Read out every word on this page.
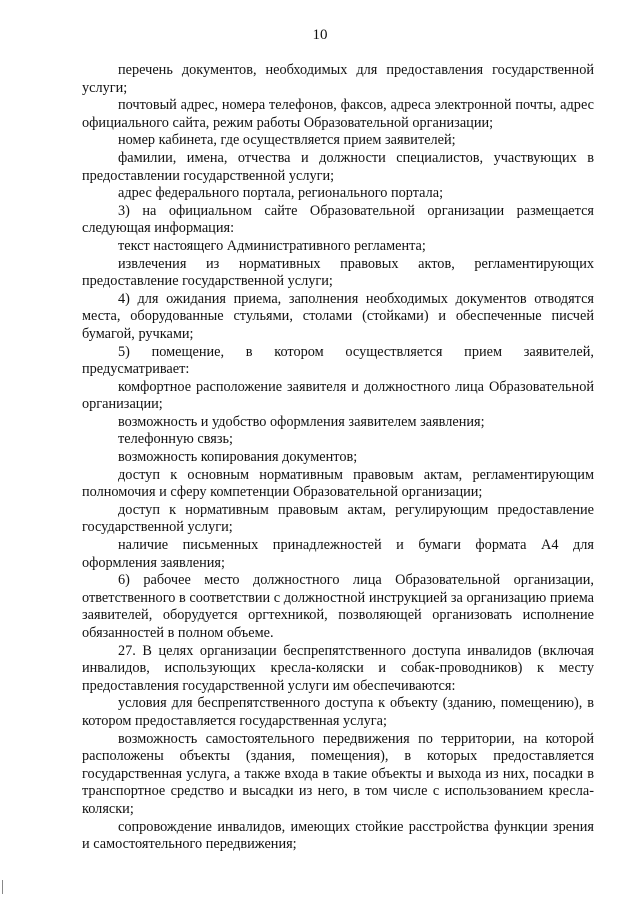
10

перечень документов, необходимых для предоставления государственной услуги;

почтовый адрес, номера телефонов, факсов, адреса электронной почты, адрес официального сайта, режим работы Образовательной организации;

номер кабинета, где осуществляется прием заявителей;

фамилии, имена, отчества и должности специалистов, участвующих в предоставлении государственной услуги;

адрес федерального портала, регионального портала;

3) на официальном сайте Образовательной организации размещается следующая информация:

текст настоящего Административного регламента;

извлечения из нормативных правовых актов, регламентирующих предоставление государственной услуги;

4) для ожидания приема, заполнения необходимых документов отводятся места, оборудованные стульями, столами (стойками) и обеспеченные писчей бумагой, ручками;

5) помещение, в котором осуществляется прием заявителей, предусматривает:

комфортное расположение заявителя и должностного лица Образовательной организации;

возможность и удобство оформления заявителем заявления;

телефонную связь;

возможность копирования документов;

доступ к основным нормативным правовым актам, регламентирующим полномочия и сферу компетенции Образовательной организации;

доступ к нормативным правовым актам, регулирующим предоставление государственной услуги;

наличие письменных принадлежностей и бумаги формата А4 для оформления заявления;

6) рабочее место должностного лица Образовательной организации, ответственного в соответствии с должностной инструкцией за организацию приема заявителей, оборудуется оргтехникой, позволяющей организовать исполнение обязанностей в полном объеме.

27. В целях организации беспрепятственного доступа инвалидов (включая инвалидов, использующих кресла-коляски и собак-проводников) к месту предоставления государственной услуги им обеспечиваются:

условия для беспрепятственного доступа к объекту (зданию, помещению), в котором предоставляется государственная услуга;

возможность самостоятельного передвижения по территории, на которой расположены объекты (здания, помещения), в которых предоставляется государственная услуга, а также входа в такие объекты и выхода из них, посадки в транспортное средство и высадки из него, в том числе с использованием кресла-коляски;

сопровождение инвалидов, имеющих стойкие расстройства функции зрения и самостоятельного передвижения;
